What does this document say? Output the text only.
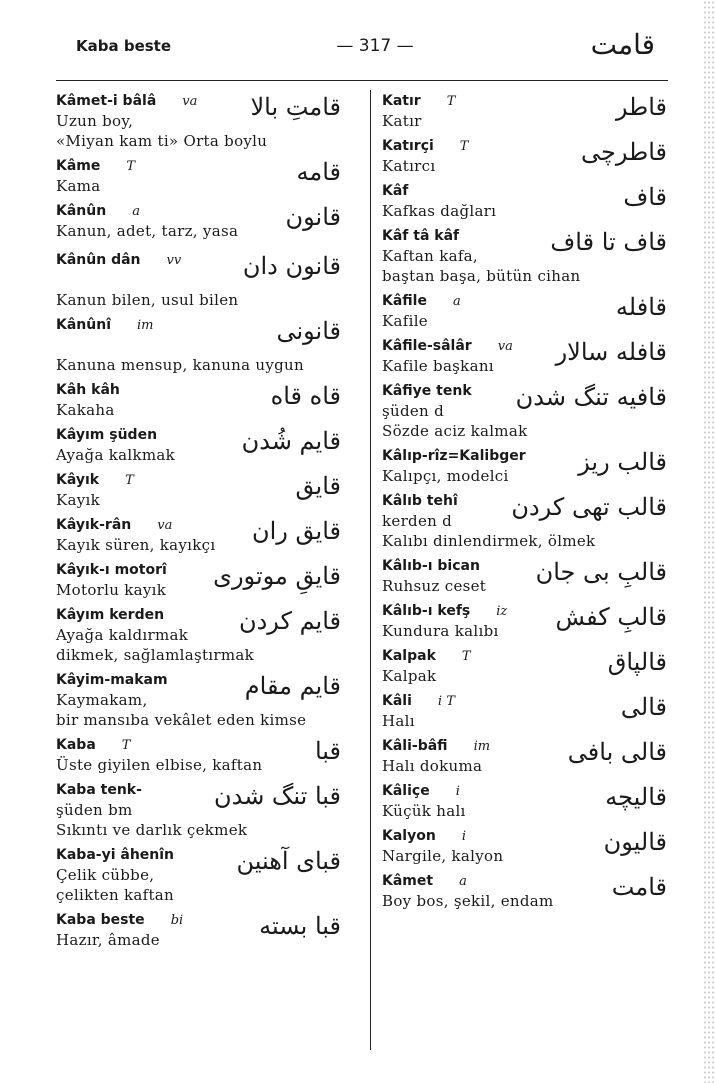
Kaba beste	— 317 —	قامت
Kâmet-i bâlâ va
Uzun boy,
«Miyan kam ti» Orta boylu
قامتِ بالا
Kâme T
Kama	قامه
Kânûn a
Kanun, adet, tarz, yasa	قانون
Kânûn dân vv

Kanun bilen, usul bilen
قانون دان
Kânûnî im

Kanuna mensup, kanuna uygun
قانونی
Kâh kâh
Kakaha	قاه قاه
Kâyım şüden
Ayağa kalkmak	قایم شُدن
Kâyık T
Kayık	قایق
Kâyık-rân va
Kayık süren, kayıkçı	قایق ران
Kâyık-ı motorî
Motorlu kayık	قایقِ موتوری
Kâyım kerden
Ayağa kaldırmak
dikmek, sağlamlaştırmak
قایم کردن
Kâyim-makam
Kaymakam,
bir mansıba vekâlet eden kimse
قایم مقام
Kaba T
Üste giyilen elbise, kaftan	قبا
Kaba tenk-
şüden bm
Sıkıntı ve darlık çekmek
قبا تنگ شدن
Kaba-yi âhenîn
Çelik cübbe,
çelikten kaftan
قبای آهنین
Kaba beste bi
Hazır, âmade	قبا بسته
Katır T
Katır	قاطر
Katırçi T
Katırcı	قاطرچی
Kâf
Kafkas dağları	قاف
Kâf tâ kâf
Kaftan kafa,
baştan başa, bütün cihan
قاف تا قاف
Kâfile a
Kafile	قافله
Kâfile-sâlâr va
Kafile başkanı	قافله سالار
Kâfiye tenk
şüden d
Sözde aciz kalmak
قافیه تنگ شدن
Kâlıp-rîz=Kalibger
Kalıpçı, modelci	قالب ریز
Kâlıb tehî
kerden d
Kalıbı dinlendirmek, ölmek
قالب تهی کردن
Kâlıb-ı bican
Ruhsuz ceset	قالبِ بی جان
Kâlıb-ı kefş iz
Kundura kalıbı	قالبِ کفش
Kalpak T
Kalpak	قالپاق
Kâli i T
Halı	قالی
Kâli-bâfi im
Halı dokuma	قالی بافی
Kâliçe i
Küçük halı	قالیچه
Kalyon i
Nargile, kalyon	قالیون
Kâmet a
Boy bos, şekil, endam	قامت
